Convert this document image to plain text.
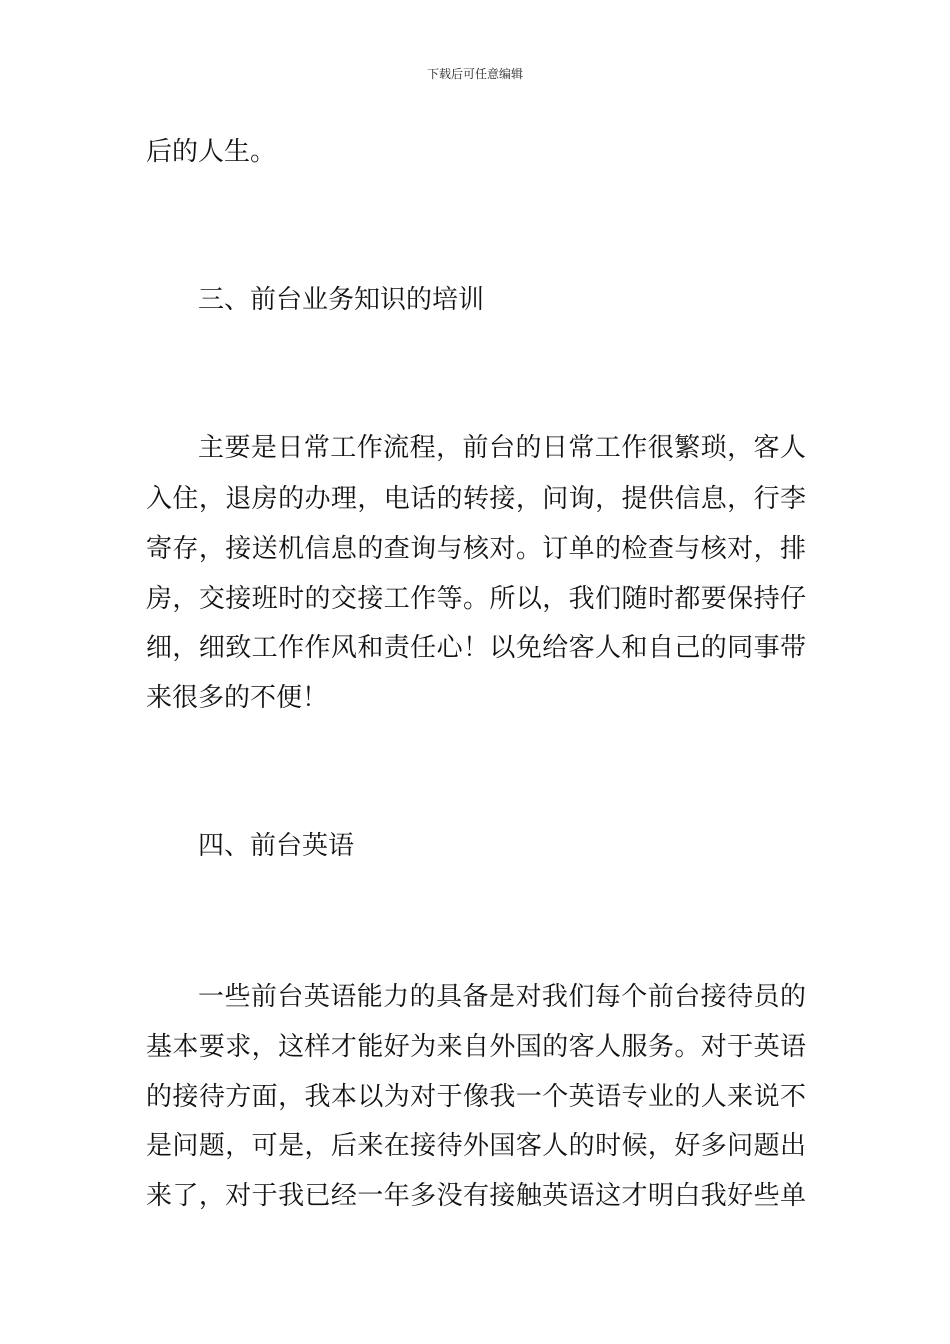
下载后可任意编辑
后的人生。
三、前台业务知识的培训
主要是日常工作流程，前台的日常工作很繁琐，客人
入住，退房的办理，电话的转接，问询，提供信息，行李
寄存，接送机信息的查询与核对。订单的检查与核对，排
房，交接班时的交接工作等。所以，我们随时都要保持仔
细，细致工作作风和责任心！以免给客人和自己的同事带
来很多的不便！
四、前台英语
一些前台英语能力的具备是对我们每个前台接待员的
基本要求，这样才能好为来自外国的客人服务。对于英语
的接待方面，我本以为对于像我一个英语专业的人来说不
是问题，可是，后来在接待外国客人的时候，好多问题出
来了，对于我已经一年多没有接触英语这才明白我好些单
